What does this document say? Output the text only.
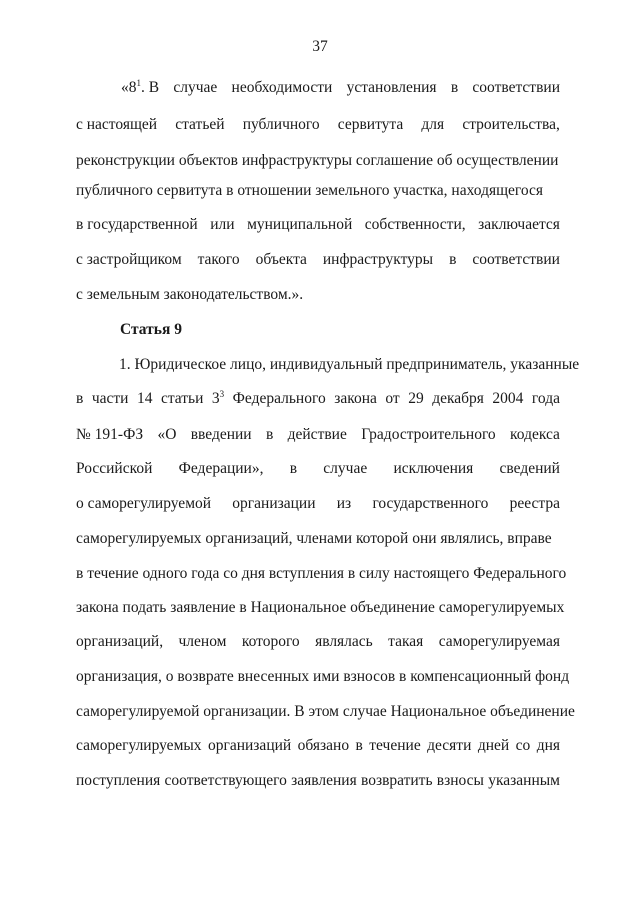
37
«$8^1$. В случае необходимости установления в соответствии
с настоящей статьей публичного сервитута для строительства,
реконструкции объектов инфраструктуры соглашение об осуществлении
публичного сервитута в отношении земельного участка, находящегося
в государственной или муниципальной собственности, заключается
с застройщиком такого объекта инфраструктуры в соответствии
с земельным законодательством.».
Статья 9
1. Юридическое лицо, индивидуальный предприниматель, указанные
в части 14 статьи $3^3$ Федерального закона от 29 декабря 2004 года
№ 191-ФЗ «О введении в действие Градостроительного кодекса
Российской Федерации», в случае исключения сведений
о саморегулируемой организации из государственного реестра
саморегулируемых организаций, членами которой они являлись, вправе
в течение одного года со дня вступления в силу настоящего Федерального
закона подать заявление в Национальное объединение саморегулируемых
организаций, членом которого являлась такая саморегулируемая
организация, о возврате внесенных ими взносов в компенсационный фонд
саморегулируемой организации. В этом случае Национальное объединение
саморегулируемых организаций обязано в течение десяти дней со дня
поступления соответствующего заявления возвратить взносы указанным
